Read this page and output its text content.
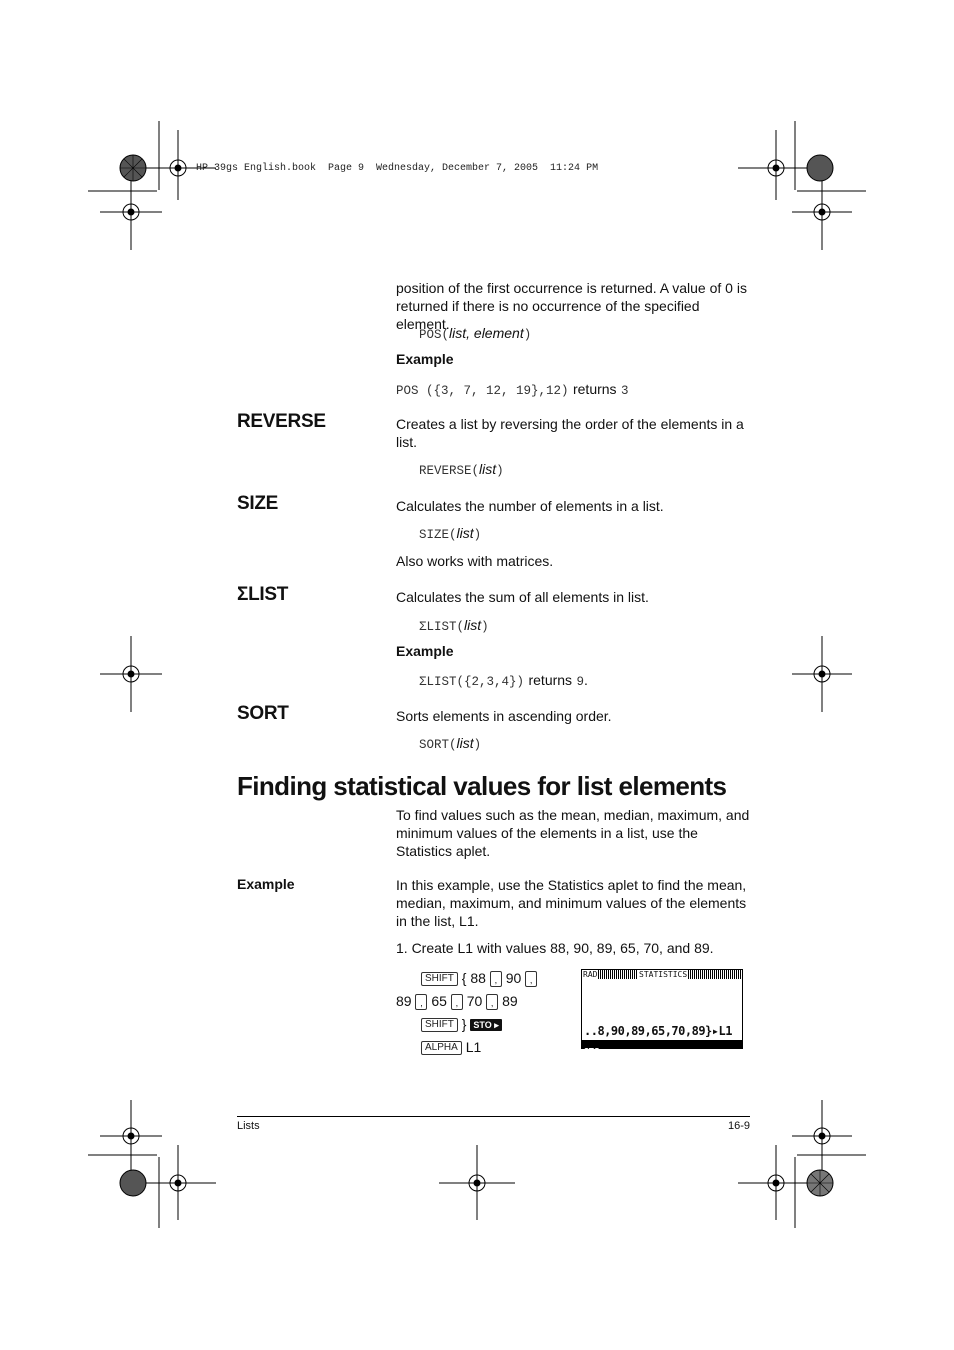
HP 39gs English.book  Page 9  Wednesday, December 7, 2005  11:24 PM
position of the first occurrence is returned. A value of 0 is returned if there is no occurrence of the specified element.
POS(list, element)
Example
POS ({3, 7, 12, 19},12) returns 3
REVERSE	Creates a list by reversing the order of the elements in a list.
REVERSE(list)
SIZE	Calculates the number of elements in a list.
SIZE(list)
Also works with matrices.
ΣLIST	Calculates the sum of all elements in list.
ΣLIST(list)
Example
ΣLIST({2,3,4}) returns 9.
SORT	Sorts elements in ascending order.
SORT(list)
Finding statistical values for list elements
To find values such as the mean, median, maximum, and minimum values of the elements in a list, use the Statistics aplet.
Example	In this example, use the Statistics aplet to find the mean, median, maximum, and minimum values of the elements in the list, L1.
1. Create L1 with values 88, 90, 89, 65, 70, and 89.
SHIFT { 88 , 90 ,
89 , 65 , 70 , 89
SHIFT } STO ▸
ALPHA L1
RAD	STATISTICS
..8,90,89,65,70,89}▸L1
STO▸
Lists	16-9
